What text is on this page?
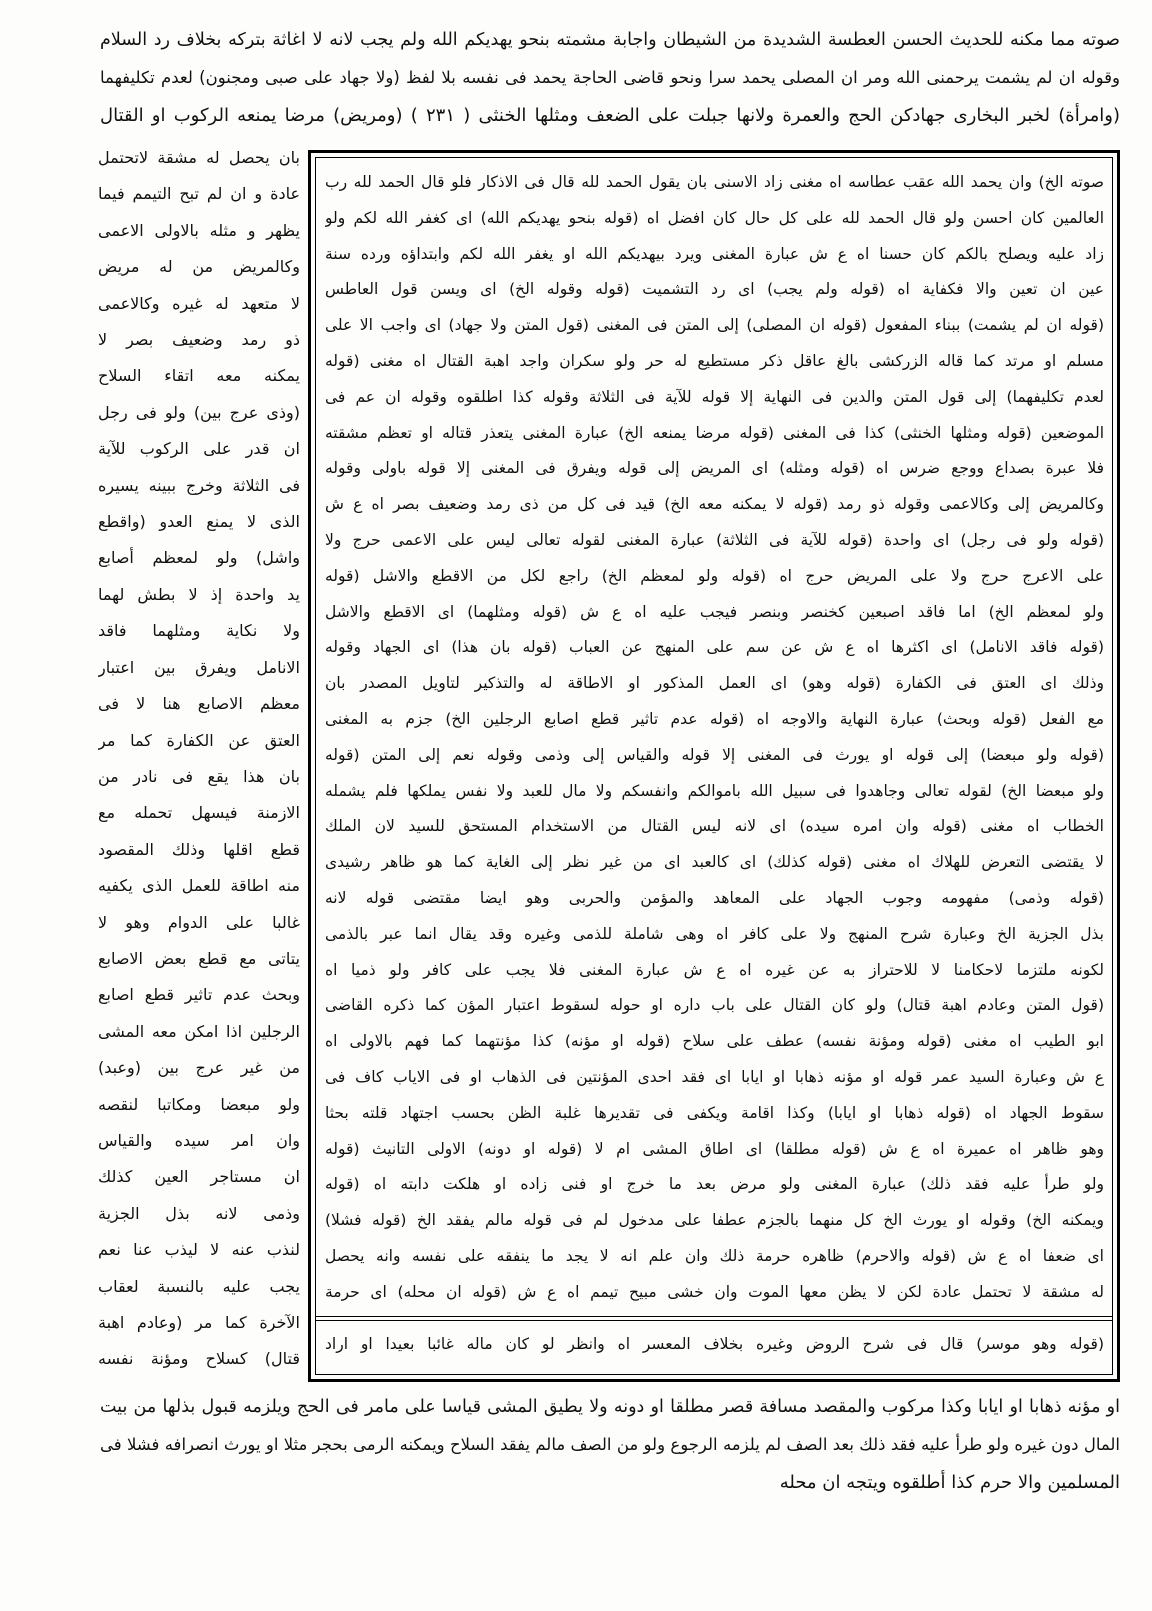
صوته مما مكنه للحديث الحسن العطسة الشديدة من الشيطان واجابة مشمته بنحو يهديكم الله ولم يجب لانه لا اغاثة بتركه بخلاف رد السلام
وقوله ان لم يشمت يرحمنى الله ومر ان المصلى يحمد سرا ونحو قاضى الحاجة يحمد فى نفسه بلا لفظ (ولا جهاد على صبى ومجنون) لعدم تكليفهما
(وامرأة) لخبر البخارى جهادكن الحج والعمرة ولانها جبلت على الضعف ومثلها الخنثى ( ٢٣١ ) (ومريض) مرضا يمنعه الركوب او القتال
بان يحصل له مشقة لاتحتمل
عادة و ان لم تبح التيمم فيما
يظهر و مثله بالاولى الاعمى
وكالمريض من له مريض
لا متعهد له غيره وكالاعمى
ذو رمد وضعيف بصر لا
يمكنه معه اتقاء السلاح
(وذى عرج بين) ولو فى رجل
ان قدر على الركوب للآية
فى الثلاثة وخرج ببينه يسيره
الذى لا يمنع العدو (واقطع
واشل) ولو لمعظم أصابع
يد واحدة إذ لا بطش لهما
ولا نكاية ومثلهما فاقد
الانامل ويفرق بين اعتبار
معظم الاصابع هنا لا فى
العتق عن الكفارة كما مر
بان هذا يقع فى نادر من
الازمنة فيسهل تحمله مع
قطع اقلها وذلك المقصود
منه اطاقة للعمل الذى يكفيه
غالبا على الدوام وهو لا
يتاتى مع قطع بعض الاصابع
وبحث عدم تاثير قطع اصابع
الرجلين اذا امكن معه المشى
من غير عرج بين (وعبد)
ولو مبعضا ومكاتبا لنقصه
وان امر سيده والقياس
ان مستاجر العين كذلك
وذمى لانه بذل الجزية
لنذب عنه لا ليذب عنا نعم
يجب عليه بالنسبة لعقاب
الآخرة كما مر (وعادم اهبة
قتال) كسلاح ومؤنة نفسه
صوته الخ) وان يحمد الله عقب عطاسه اه مغنى زاد الاسنى بان يقول الحمد لله قال فى الاذكار فلو قال الحمد لله رب
العالمين كان احسن ولو قال الحمد لله على كل حال كان افضل اه (قوله بنحو يهديكم الله) اى كغفر الله لكم ولو
زاد عليه ويصلح بالكم كان حسنا اه ع ش عبارة المغنى ويرد بيهديكم الله او يغفر الله لكم وابتداؤه ورده سنة
عين ان تعين والا فكفاية اه (قوله ولم يجب) اى رد التشميت (قوله وقوله الخ) اى ويسن قول العاطس
(قوله ان لم يشمت) ببناء المفعول (قوله ان المصلى) إلى المتن فى المغنى (قول المتن ولا جهاد) اى واجب الا على
مسلم او مرتد كما قاله الزركشى بالغ عاقل ذكر مستطيع له حر ولو سكران واجد اهبة القتال اه مغنى (قوله
لعدم تكليفهما) إلى قول المتن والدين فى النهاية إلا قوله للآية فى الثلاثة وقوله كذا اطلقوه وقوله ان عم فى
الموضعين (قوله ومثلها الخنثى) كذا فى المغنى (قوله مرضا يمنعه الخ) عبارة المغنى يتعذر قتاله او تعظم مشقته
فلا عبرة بصداع ووجع ضرس اه (قوله ومثله) اى المريض إلى قوله ويفرق فى المغنى إلا قوله باولى وقوله
وكالمريض إلى وكالاعمى وقوله ذو رمد (قوله لا يمكنه معه الخ) قيد فى كل من ذى رمد وضعيف بصر اه ع ش
(قوله ولو فى رجل) اى واحدة (قوله للآية فى الثلاثة) عبارة المغنى لقوله تعالى ليس على الاعمى حرج ولا
على الاعرج حرج ولا على المريض حرج اه (قوله ولو لمعظم الخ) راجع لكل من الاقطع والاشل (قوله
ولو لمعظم الخ) اما فاقد اصبعين كخنصر وبنصر فيجب عليه اه ع ش (قوله ومثلهما) اى الاقطع والاشل
(قوله فاقد الانامل) اى اكثرها اه ع ش عن سم على المنهج عن العباب (قوله بان هذا) اى الجهاد وقوله
وذلك اى العتق فى الكفارة (قوله وهو) اى العمل المذكور او الاطاقة له والتذكير لتاويل المصدر بان
مع الفعل (قوله وبحث) عبارة النهاية والاوجه اه (قوله عدم تاثير قطع اصابع الرجلين الخ) جزم به المغنى
(قوله ولو مبعضا) إلى قوله او يورث فى المغنى إلا قوله والقياس إلى وذمى وقوله نعم إلى المتن (قوله
ولو مبعضا الخ) لقوله تعالى وجاهدوا فى سبيل الله باموالكم وانفسكم ولا مال للعبد ولا نفس يملكها فلم يشمله
الخطاب اه مغنى (قوله وان امره سيده) اى لانه ليس القتال من الاستخدام المستحق للسيد لان الملك
لا يقتضى التعرض للهلاك اه مغنى (قوله كذلك) اى كالعبد اى من غير نظر إلى الغاية كما هو ظاهر رشيدى
(قوله وذمى) مفهومه وجوب الجهاد على المعاهد والمؤمن والحربى وهو ايضا مقتضى قوله لانه
بذل الجزية الخ وعبارة شرح المنهج ولا على كافر اه وهى شاملة للذمى وغيره وقد يقال انما عبر بالذمى
لكونه ملتزما لاحكامنا لا للاحتراز به عن غيره اه ع ش عبارة المغنى فلا يجب على كافر ولو ذميا اه
(قول المتن وعادم اهبة قتال) ولو كان القتال على باب داره او حوله لسقوط اعتبار المؤن كما ذكره القاضى
ابو الطيب اه مغنى (قوله ومؤنة نفسه) عطف على سلاح (قوله او مؤنه) كذا مؤنتهما كما فهم بالاولى اه
ع ش وعبارة السيد عمر قوله او مؤنه ذهابا او ايابا اى فقد احدى المؤنتين فى الذهاب او فى الاياب كاف فى
سقوط الجهاد اه (قوله ذهابا او ايابا) وكذا اقامة ويكفى فى تقديرها غلبة الظن بحسب اجتهاد قلته بحثا
وهو ظاهر اه عميرة اه ع ش (قوله مطلقا) اى اطاق المشى ام لا (قوله او دونه) الاولى التانيث (قوله
ولو طرأ عليه فقد ذلك) عبارة المغنى ولو مرض بعد ما خرج او فنى زاده او هلكت دابته اه (قوله
ويمكنه الخ) وقوله او يورث الخ كل منهما بالجزم عطفا على مدخول لم فى قوله مالم يفقد الخ (قوله فشلا)
اى ضعفا اه ع ش (قوله والاحرم) ظاهره حرمة ذلك وان علم انه لا يجد ما ينفقه على نفسه وانه يحصل
له مشقة لا تحتمل عادة لكن لا يظن معها الموت وان خشى مبيح تيمم اه ع ش (قوله ان محله) اى حرمة
(قوله وهو موسر) قال فى شرح الروض وغيره بخلاف المعسر اه وانظر لو كان ماله غائبا بعيدا او اراد
او مؤنه ذهابا او ايابا وكذا مركوب والمقصد مسافة قصر مطلقا او دونه ولا يطيق المشى قياسا على مامر فى الحج ويلزمه قبول بذلها من بيت
المال دون غيره ولو طرأ عليه فقد ذلك بعد الصف لم يلزمه الرجوع ولو من الصف مالم يفقد السلاح ويمكنه الرمى بحجر مثلا او يورث انصرافه فشلا فى
المسلمين والا حرم كذا أطلقوه ويتجه ان محله
